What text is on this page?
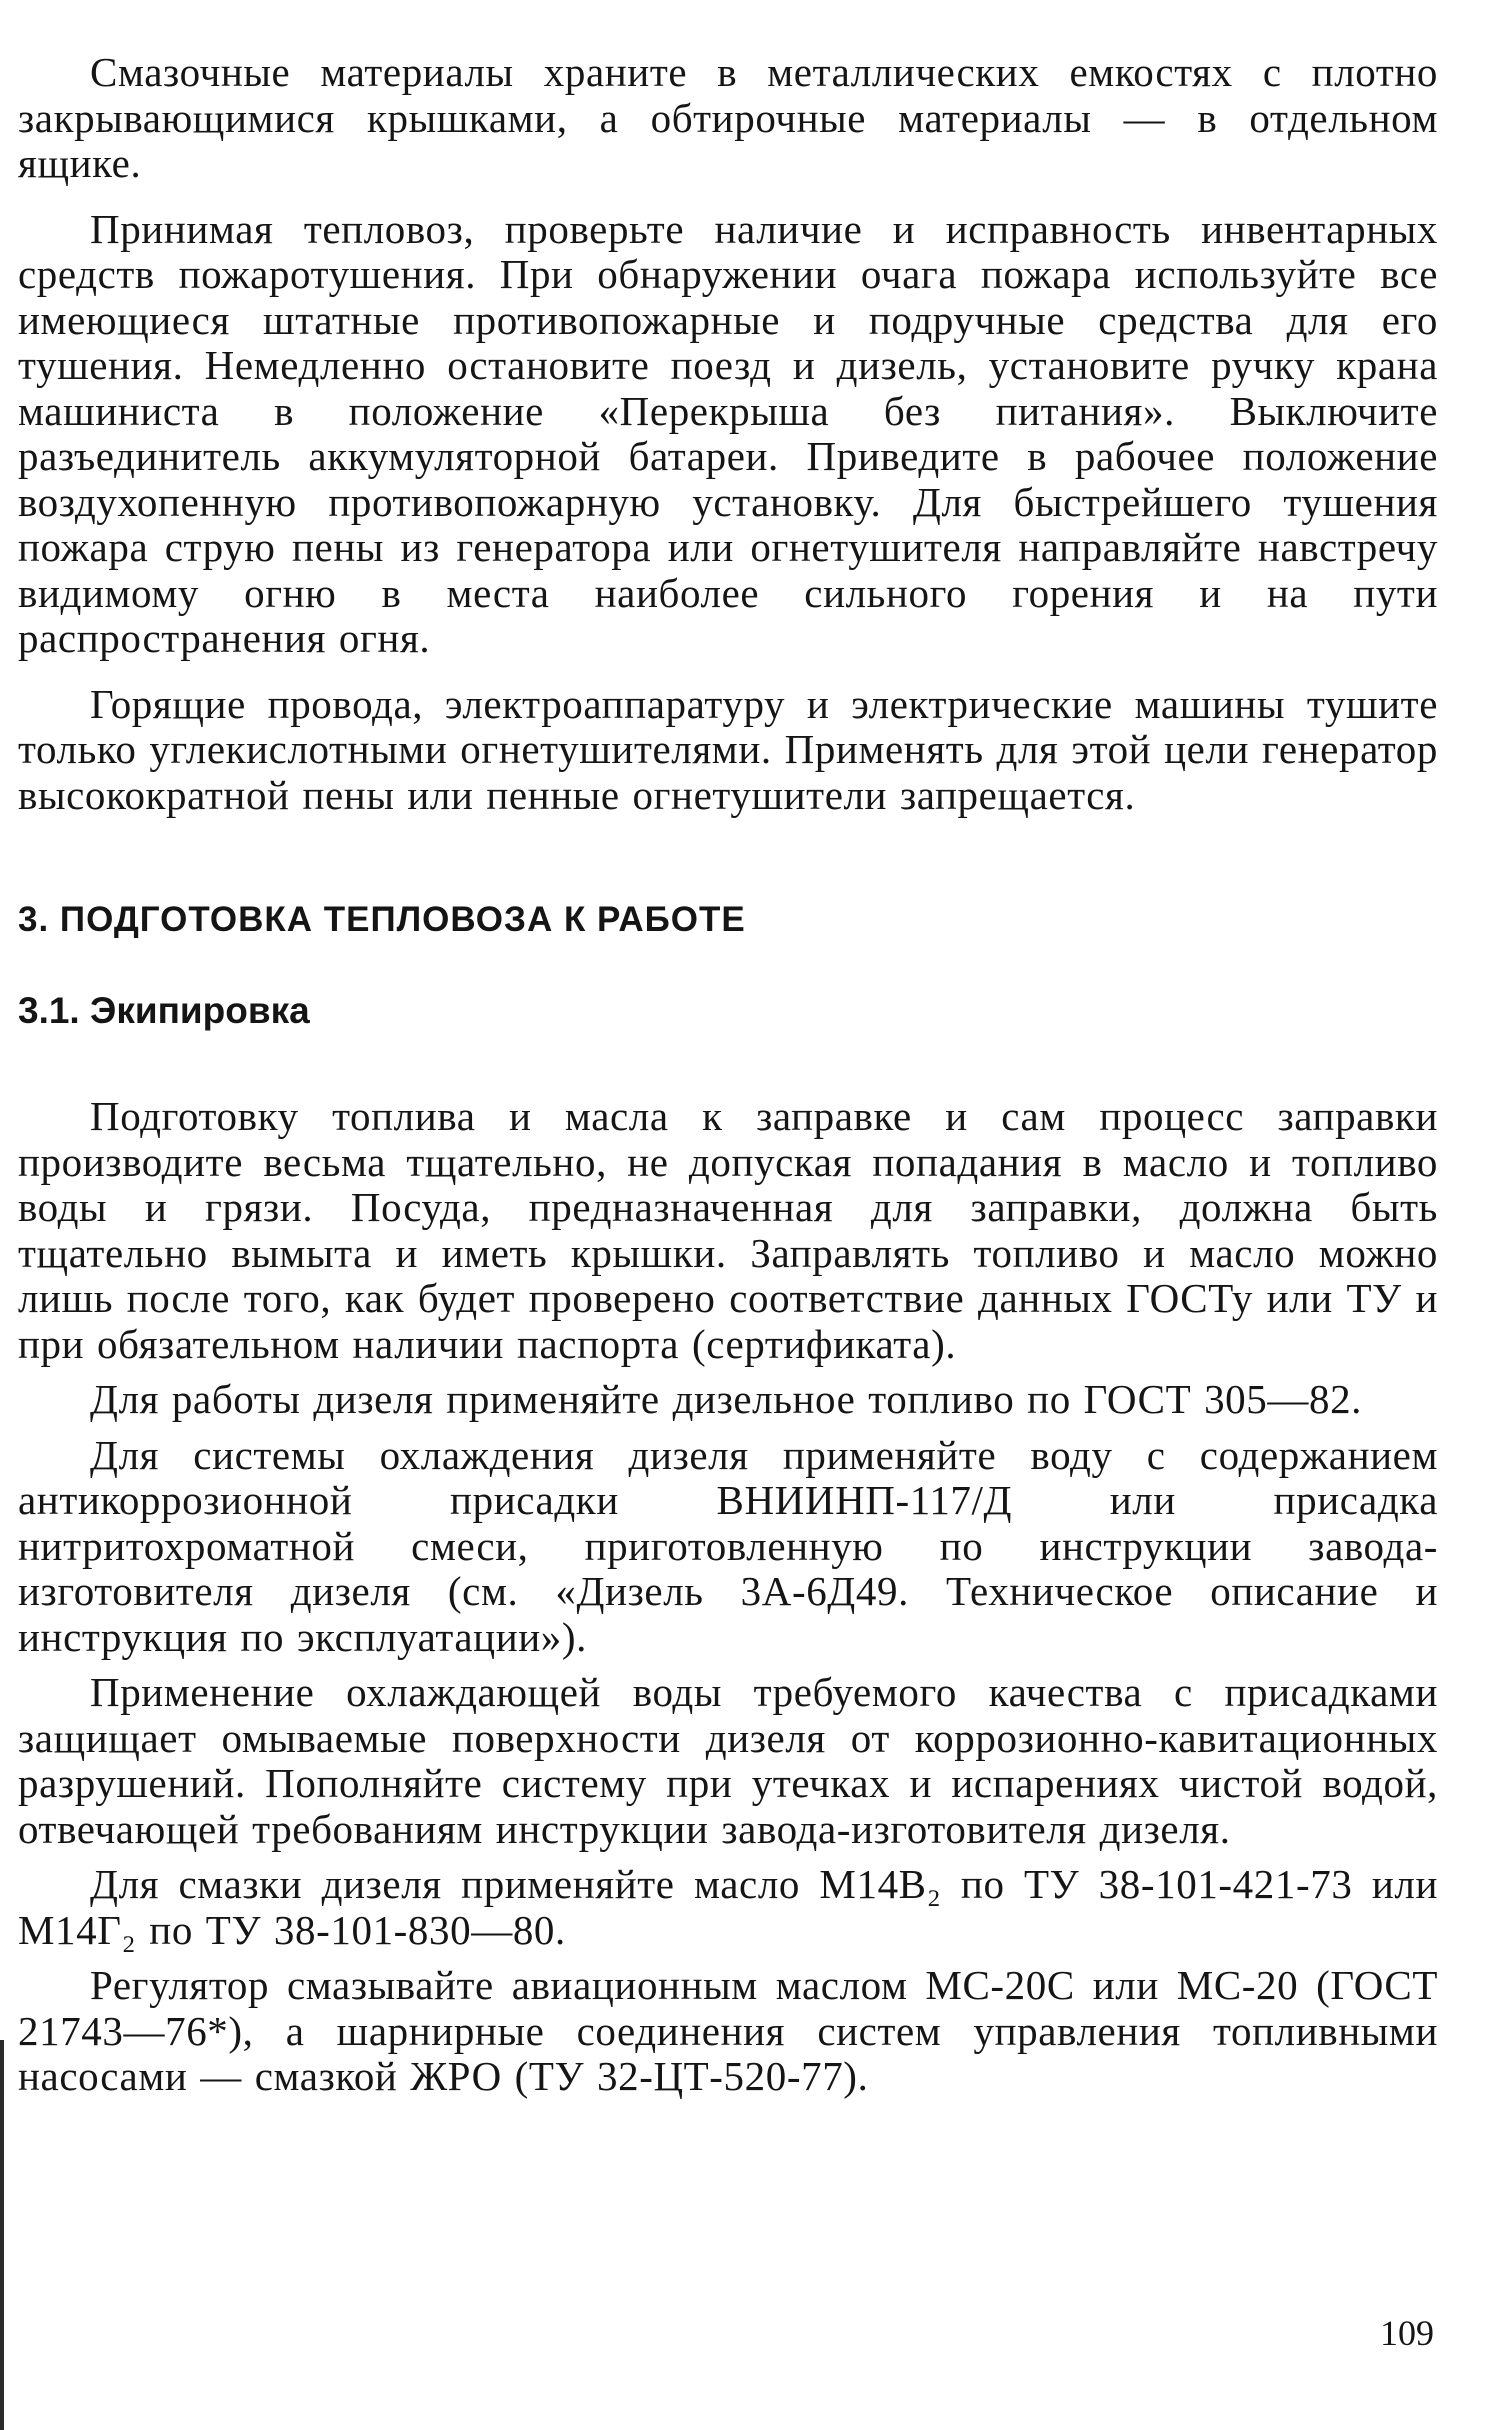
Смазочные материалы храните в металлических емкостях с плотно закрывающимися крышками, а обтирочные материалы — в отдельном ящике.

Принимая тепловоз, проверьте наличие и исправность инвентарных средств пожаротушения. При обнаружении очага пожара используйте все имеющиеся штатные противопожарные и подручные средства для его тушения. Немедленно остановите поезд и дизель, установите ручку крана машиниста в положение «Перекрыша без питания». Выключите разъединитель аккумуляторной батареи. Приведите в рабочее положение воздухопенную противопожарную установку. Для быстрейшего тушения пожара струю пены из генератора или огнетушителя направляйте навстречу видимому огню в места наиболее сильного горения и на пути распространения огня.

Горящие провода, электроаппаратуру и электрические машины тушите только углекислотными огнетушителями. Применять для этой цели генератор высокократной пены или пенные огнетушители запрещается.

3. ПОДГОТОВКА ТЕПЛОВОЗА К РАБОТЕ
3.1. Экипировка

Подготовку топлива и масла к заправке и сам процесс заправки производите весьма тщательно, не допуская попадания в масло и топливо воды и грязи. Посуда, предназначенная для заправки, должна быть тщательно вымыта и иметь крышки. Заправлять топливо и масло можно лишь после того, как будет проверено соответствие данных ГОСТу или ТУ и при обязательном наличии паспорта (сертификата).

Для работы дизеля применяйте дизельное топливо по ГОСТ 305—82.

Для системы охлаждения дизеля применяйте воду с содержанием антикоррозионной присадки ВНИИНП-117/Д или присадка нитритохроматной смеси, приготовленную по инструкции завода-изготовителя дизеля (см. «Дизель 3А-6Д49. Техническое описание и инструкция по эксплуатации»).

Применение охлаждающей воды требуемого качества с присадками защищает омываемые поверхности дизеля от коррозионно-кавитационных разрушений. Пополняйте систему при утечках и испарениях чистой водой, отвечающей требованиям инструкции завода-изготовителя дизеля.

Для смазки дизеля применяйте масло М14В₂ по ТУ 38-101-421-73 или М14Г₂ по ТУ 38-101-830—80.

Регулятор смазывайте авиационным маслом МС-20С или МС-20 (ГОСТ 21743—76*), а шарнирные соединения систем управления топливными насосами — смазкой ЖРО (ТУ 32-ЦТ-520-77).

109
